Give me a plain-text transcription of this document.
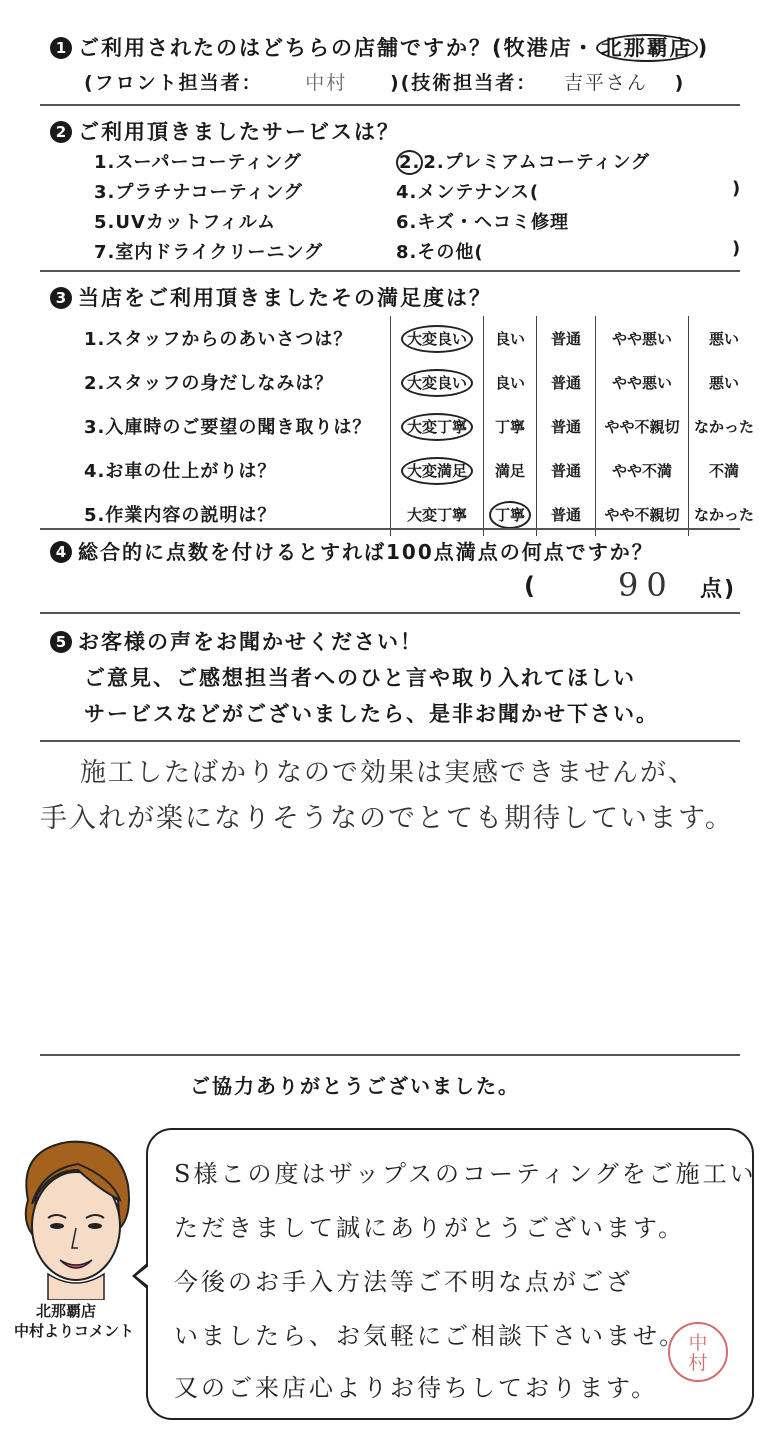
1 ご利用されたのはどちらの店舗ですか？(牧港店・ 北那覇店 )
(フロント担当者： 中村 )(技術担当者： 吉平さん )
2 ご利用頂きましたサービスは？
1.スーパーコーティング	2. 2.プレミアムコーティング
3.プラチナコーティング	4.メンテナンス(	)
5.UVカットフィルム	6.キズ・ヘコミ修理
7.室内ドライクリーニング	8.その他(	)
3 当店をご利用頂きましたその満足度は？
1.スタッフからのあいさつは？	大変良い	良い	普通	やや悪い	悪い
2.スタッフの身だしなみは？	大変良い	良い	普通	やや悪い	悪い
3.入庫時のご要望の聞き取りは？	大変丁寧	丁寧	普通	やや不親切	なかった
4.お車の仕上がりは？	大変満足	満足	普通	やや不満	不満
5.作業内容の説明は？	大変丁寧	丁寧	普通	やや不親切	なかった
4 総合的に点数を付けるとすれば100点満点の何点ですか？
(	90 点)
5 お客様の声をお聞かせください！
ご意見、ご感想担当者へのひと言や取り入れてほしい
サービスなどがございましたら、是非お聞かせ下さい。
施工したばかりなので効果は実感できませんが、
手入れが楽になりそうなのでとても期待しています。
ご協力ありがとうございました。
北那覇店
中村よりコメント
S様この度はザップスのコーティングをご施工い
ただきまして誠にありがとうございます。
今後のお手入方法等ご不明な点がござ
いましたら、お気軽にご相談下さいませ。
又のご来店心よりお待ちしております。
中村
